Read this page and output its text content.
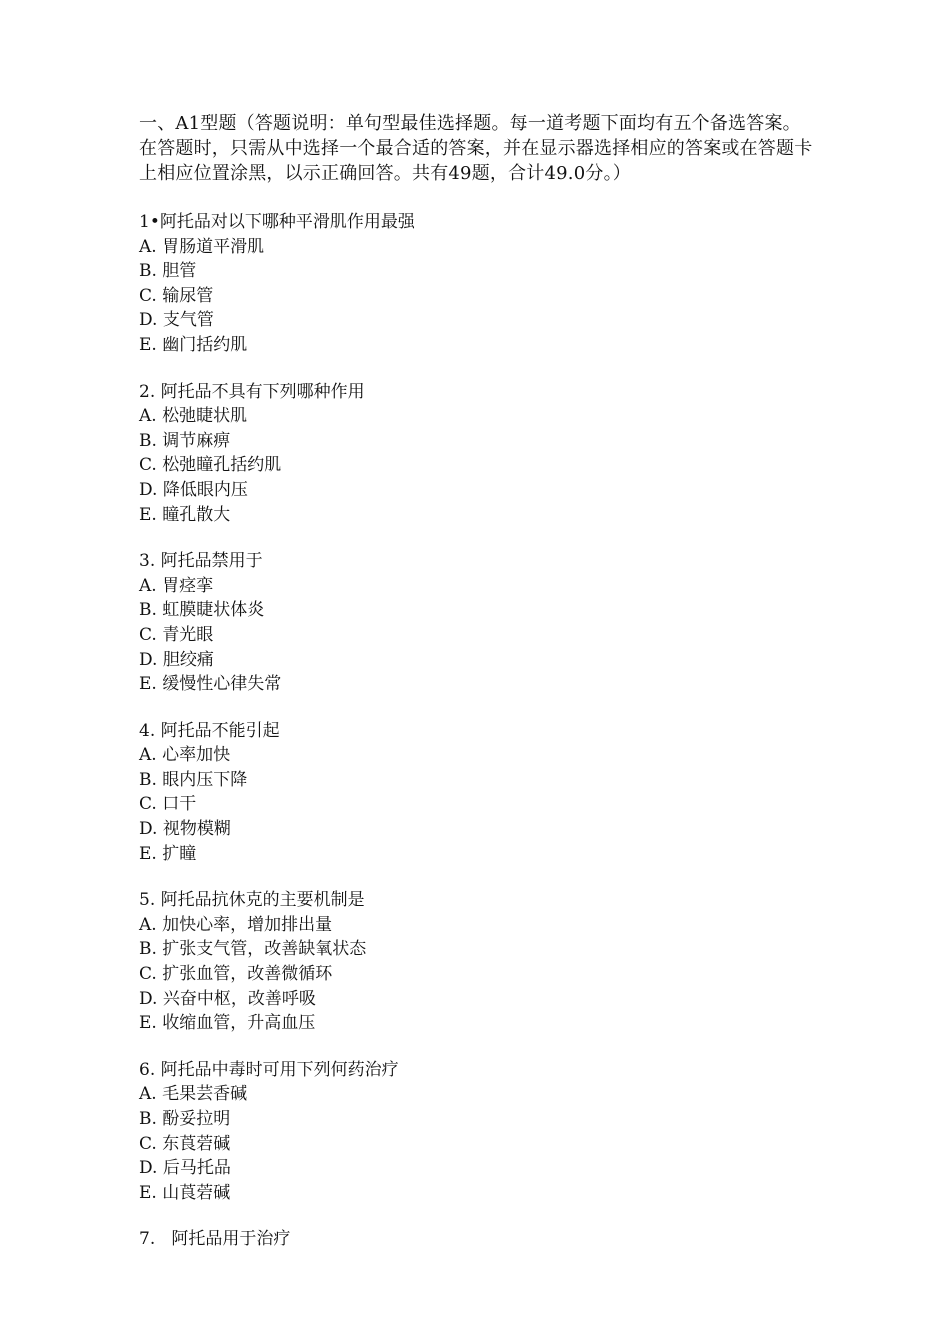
一、A1型题（答题说明：单句型最佳选择题。每一道考题下面均有五个备选答案。在答题时，只需从中选择一个最合适的答案，并在显示器选择相应的答案或在答题卡上相应位置涂黑，以示正确回答。共有49题，合计49.0分。）

1•阿托品对以下哪种平滑肌作用最强

A. 胃肠道平滑肌

B. 胆管

C. 输尿管

D. 支气管

E. 幽门括约肌

2. 阿托品不具有下列哪种作用

A. 松弛睫状肌

B. 调节麻痹

C. 松弛瞳孔括约肌

D. 降低眼内压

E. 瞳孔散大

3. 阿托品禁用于

A. 胃痉挛

B. 虹膜睫状体炎

C. 青光眼

D. 胆绞痛

E. 缓慢性心律失常

4. 阿托品不能引起

A. 心率加快

B. 眼内压下降

C. 口干

D. 视物模糊

E. 扩瞳

5. 阿托品抗休克的主要机制是

A. 加快心率，增加排出量

B. 扩张支气管，改善缺氧状态

C. 扩张血管，改善微循环

D. 兴奋中枢，改善呼吸

E. 收缩血管，升高血压

6. 阿托品中毒时可用下列何药治疗

A. 毛果芸香碱

B. 酚妥拉明

C. 东莨菪碱

D. 后马托品

E. 山莨菪碱

7.   阿托品用于治疗
